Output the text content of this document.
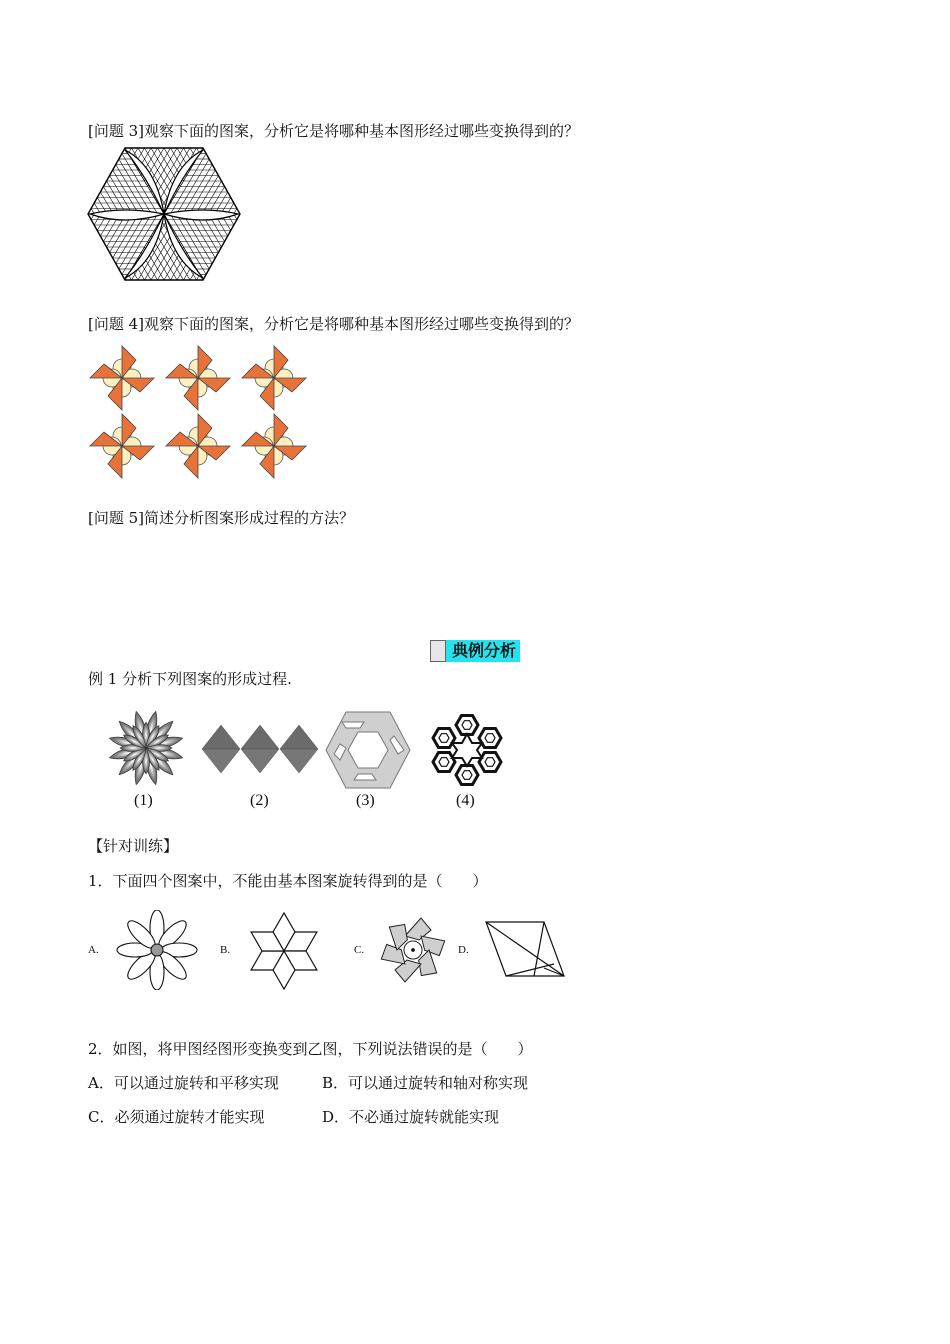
[问题 3]观察下面的图案，分析它是将哪种基本图形经过哪些变换得到的？
[问题 4]观察下面的图案，分析它是将哪种基本图形经过哪些变换得到的？
[问题 5]简述分析图案形成过程的方法？
典例分析
例 1 分析下列图案的形成过程.
(1)	(2)	(3)	(4)
【针对训练】
1．下面四个图案中，不能由基本图案旋转得到的是（　　）
A.	B.	C.	D.
2．如图，将甲图经图形变换变到乙图，下列说法错误的是（　　）
A．可以通过旋转和平移实现	B．可以通过旋转和轴对称实现
C．必须通过旋转才能实现	D．不必通过旋转就能实现
